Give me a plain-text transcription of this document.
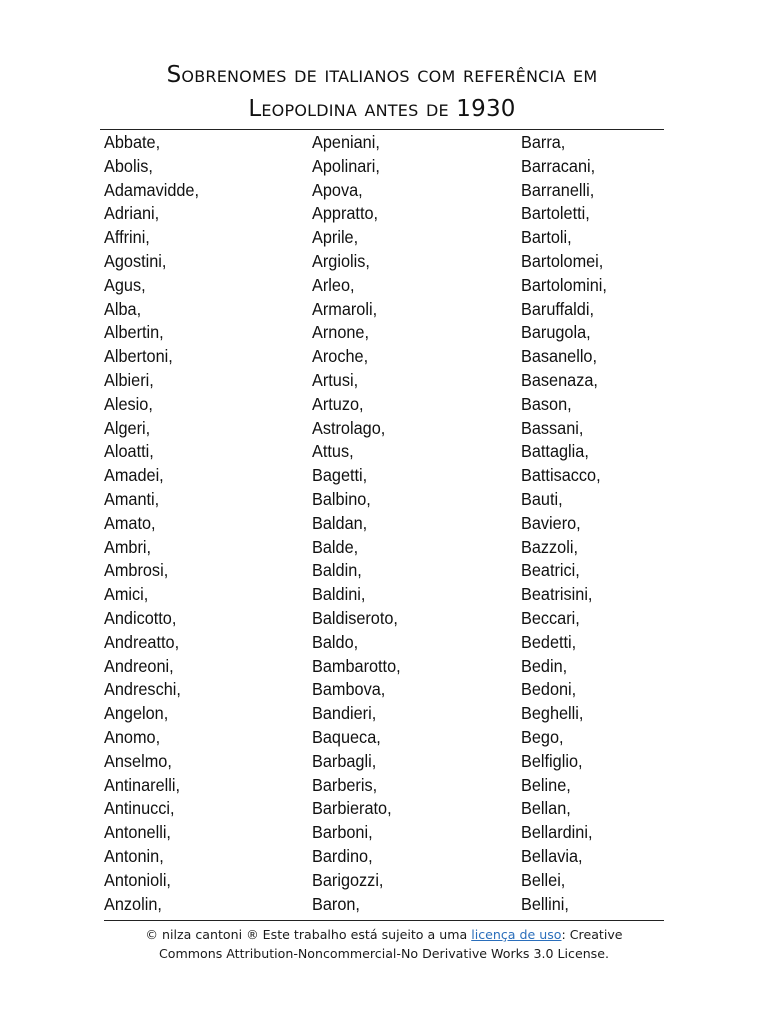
Sobrenomes de italianos com referência em
Leopoldina antes de 1930
Abbate,
Abolis,
Adamavidde,
Adriani,
Affrini,
Agostini,
Agus,
Alba,
Albertin,
Albertoni,
Albieri,
Alesio,
Algeri,
Aloatti,
Amadei,
Amanti,
Amato,
Ambri,
Ambrosi,
Amici,
Andicotto,
Andreatto,
Andreoni,
Andreschi,
Angelon,
Anomo,
Anselmo,
Antinarelli,
Antinucci,
Antonelli,
Antonin,
Antonioli,
Anzolin,
Apeniani,
Apolinari,
Apova,
Appratto,
Aprile,
Argiolis,
Arleo,
Armaroli,
Arnone,
Aroche,
Artusi,
Artuzo,
Astrolago,
Attus,
Bagetti,
Balbino,
Baldan,
Balde,
Baldin,
Baldini,
Baldiseroto,
Baldo,
Bambarotto,
Bambova,
Bandieri,
Baqueca,
Barbagli,
Barberis,
Barbierato,
Barboni,
Bardino,
Barigozzi,
Baron,
Barra,
Barracani,
Barranelli,
Bartoletti,
Bartoli,
Bartolomei,
Bartolomini,
Baruffaldi,
Barugola,
Basanello,
Basenaza,
Bason,
Bassani,
Battaglia,
Battisacco,
Bauti,
Baviero,
Bazzoli,
Beatrici,
Beatrisini,
Beccari,
Bedetti,
Bedin,
Bedoni,
Beghelli,
Bego,
Belfiglio,
Beline,
Bellan,
Bellardini,
Bellavia,
Bellei,
Bellini,
© nilza cantoni ® Este trabalho está sujeito a uma licença de uso: Creative
Commons Attribution-Noncommercial-No Derivative Works 3.0 License.
